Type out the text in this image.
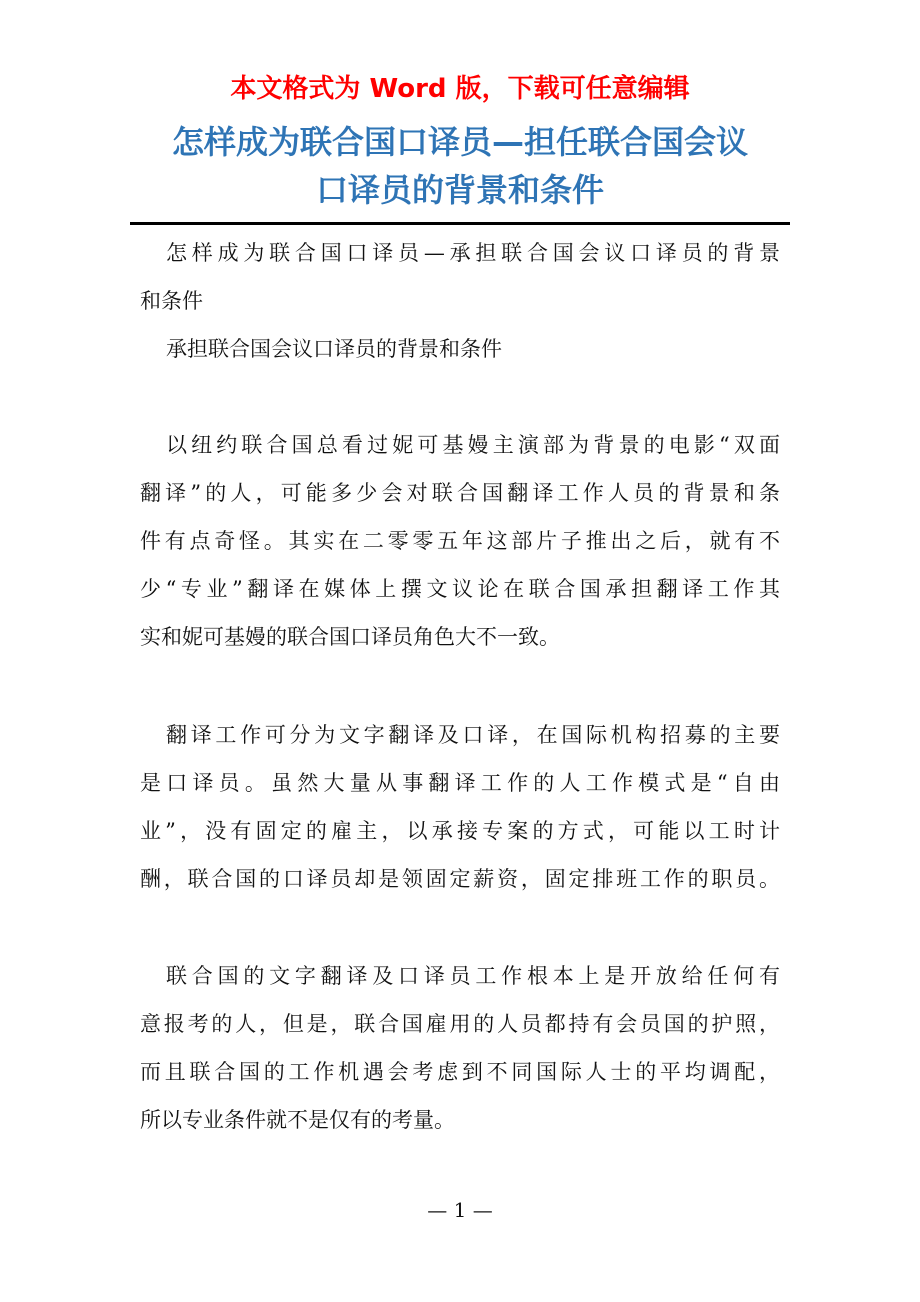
本文格式为 Word 版，下载可任意编辑
怎样成为联合国口译员—担任联合国会议
口译员的背景和条件
怎样成为联合国口译员—承担联合国会议口译员的背景
和条件
承担联合国会议口译员的背景和条件
以纽约联合国总看过妮可基嫚主演部为背景的电影“双面
翻译”的人，可能多少会对联合国翻译工作人员的背景和条
件有点奇怪。其实在二零零五年这部片子推出之后，就有不
少“专业”翻译在媒体上撰文议论在联合国承担翻译工作其
实和妮可基嫚的联合国口译员角色大不一致。
翻译工作可分为文字翻译及口译，在国际机构招募的主要
是口译员。虽然大量从事翻译工作的人工作模式是“自由
业”，没有固定的雇主，以承接专案的方式，可能以工时计
酬，联合国的口译员却是领固定薪资，固定排班工作的职员。
联合国的文字翻译及口译员工作根本上是开放给任何有
意报考的人，但是，联合国雇用的人员都持有会员国的护照，
而且联合国的工作机遇会考虑到不同国际人士的平均调配，
所以专业条件就不是仅有的考量。
— 1 —
